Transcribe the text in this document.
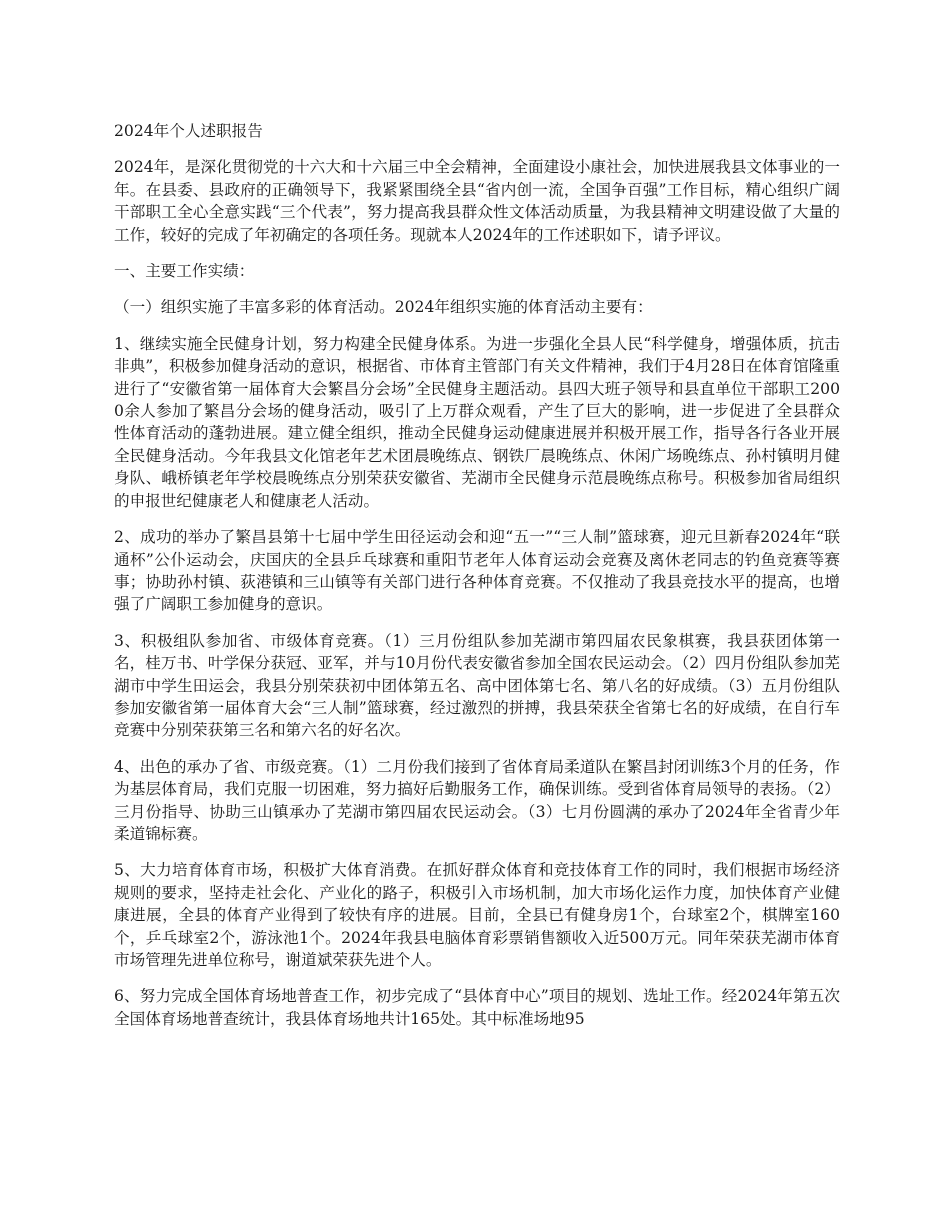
2024年个人述职报告

2024年，是深化贯彻党的十六大和十六届三中全会精神，全面建设小康社会，加快进展我县文体事业的一年。在县委、县政府的正确领导下，我紧紧围绕全县“省内创一流，全国争百强”工作目标，精心组织广阔干部职工全心全意实践“三个代表”，努力提高我县群众性文体活动质量，为我县精神文明建设做了大量的工作，较好的完成了年初确定的各项任务。现就本人2024年的工作述职如下，请予评议。

一、主要工作实绩：

（一）组织实施了丰富多彩的体育活动。2024年组织实施的体育活动主要有：

1、继续实施全民健身计划，努力构建全民健身体系。为进一步强化全县人民“科学健身，增强体质，抗击非典”，积极参加健身活动的意识，根据省、市体育主管部门有关文件精神，我们于4月28日在体育馆隆重进行了“安徽省第一届体育大会繁昌分会场”全民健身主题活动。县四大班子领导和县直单位干部职工2000余人参加了繁昌分会场的健身活动，吸引了上万群众观看，产生了巨大的影响，进一步促进了全县群众性体育活动的蓬勃进展。建立健全组织，推动全民健身运动健康进展并积极开展工作，指导各行各业开展全民健身活动。今年我县文化馆老年艺术团晨晚练点、钢铁厂晨晚练点、休闲广场晚练点、孙村镇明月健身队、峨桥镇老年学校晨晚练点分别荣获安徽省、芜湖市全民健身示范晨晚练点称号。积极参加省局组织的申报世纪健康老人和健康老人活动。

2、成功的举办了繁昌县第十七届中学生田径运动会和迎“五一”“三人制”篮球赛，迎元旦新春2024年“联通杯”公仆运动会，庆国庆的全县乒乓球赛和重阳节老年人体育运动会竞赛及离休老同志的钓鱼竞赛等赛事；协助孙村镇、荻港镇和三山镇等有关部门进行各种体育竞赛。不仅推动了我县竞技水平的提高，也增强了广阔职工参加健身的意识。

3、积极组队参加省、市级体育竞赛。（1）三月份组队参加芜湖市第四届农民象棋赛，我县获团体第一名，桂万书、叶学保分获冠、亚军，并与10月份代表安徽省参加全国农民运动会。（2）四月份组队参加芜湖市中学生田运会，我县分别荣获初中团体第五名、高中团体第七名、第八名的好成绩。（3）五月份组队参加安徽省第一届体育大会“三人制”篮球赛，经过激烈的拼搏，我县荣获全省第七名的好成绩，在自行车竞赛中分别荣获第三名和第六名的好名次。

4、出色的承办了省、市级竞赛。（1）二月份我们接到了省体育局柔道队在繁昌封闭训练3个月的任务，作为基层体育局，我们克服一切困难，努力搞好后勤服务工作，确保训练。受到省体育局领导的表扬。（2）三月份指导、协助三山镇承办了芜湖市第四届农民运动会。（3）七月份圆满的承办了2024年全省青少年柔道锦标赛。

5、大力培育体育市场，积极扩大体育消费。在抓好群众体育和竞技体育工作的同时，我们根据市场经济规则的要求，坚持走社会化、产业化的路子，积极引入市场机制，加大市场化运作力度，加快体育产业健康进展，全县的体育产业得到了较快有序的进展。目前，全县已有健身房1个，台球室2个，棋牌室160个，乒乓球室2个，游泳池1个。2024年我县电脑体育彩票销售额收入近500万元。同年荣获芜湖市体育市场管理先进单位称号，谢道斌荣获先进个人。

6、努力完成全国体育场地普查工作，初步完成了“县体育中心”项目的规划、选址工作。经2024年第五次全国体育场地普查统计，我县体育场地共计165处。其中标准场地95
